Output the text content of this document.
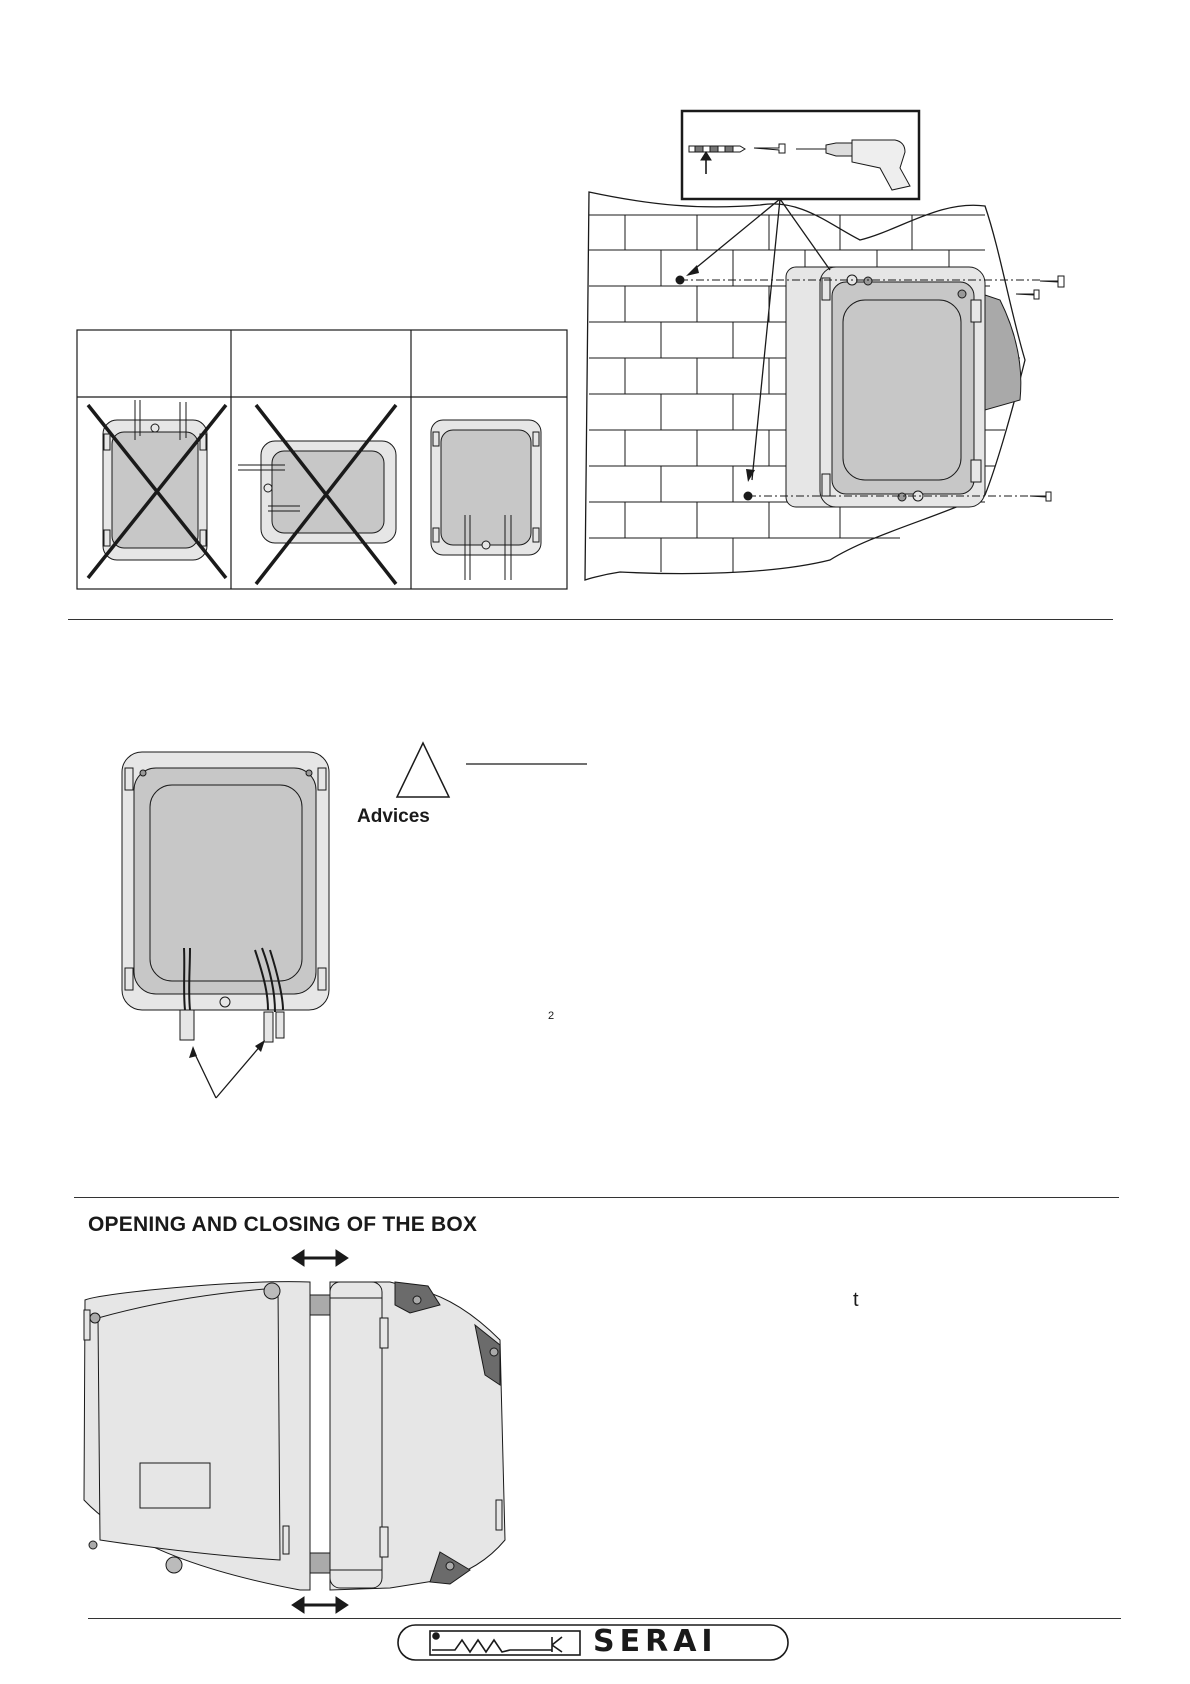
Advices
2
OPENING AND CLOSING OF THE BOX
t
SERAI
